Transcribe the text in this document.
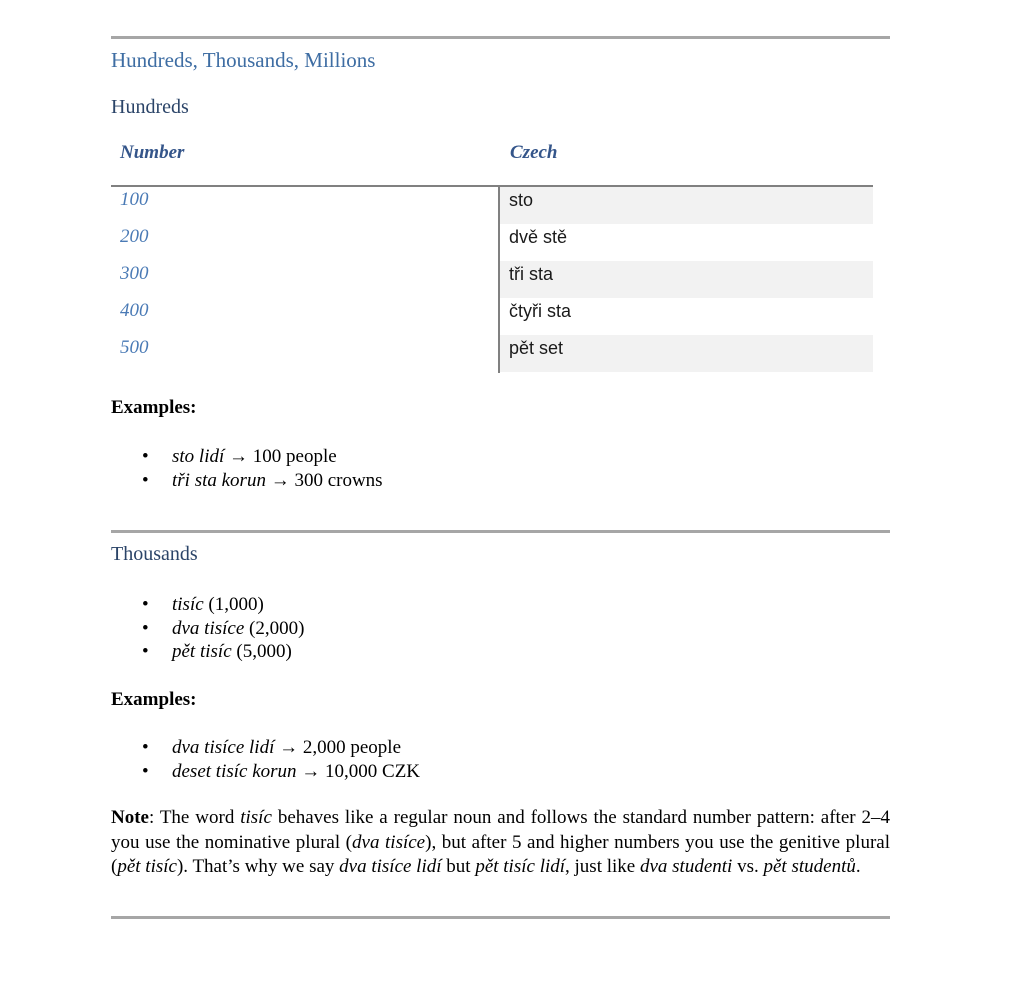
Hundreds, Thousands, Millions
Hundreds
Number	Czech
100	sto
200	dvě stě
300	tři sta
400	čtyři sta
500	pět set
Examples:
• sto lidí → 100 people
• tři sta korun → 300 crowns
Thousands
• tisíc (1,000)
• dva tisíce (2,000)
• pět tisíc (5,000)
Examples:
• dva tisíce lidí → 2,000 people
• deset tisíc korun → 10,000 CZK
Note: The word tisíc behaves like a regular noun and follows the standard number pattern: after 2–4 you use the nominative plural (dva tisíce), but after 5 and higher numbers you use the genitive plural (pět tisíc). That’s why we say dva tisíce lidí but pět tisíc lidí, just like dva studenti vs. pět studentů.
